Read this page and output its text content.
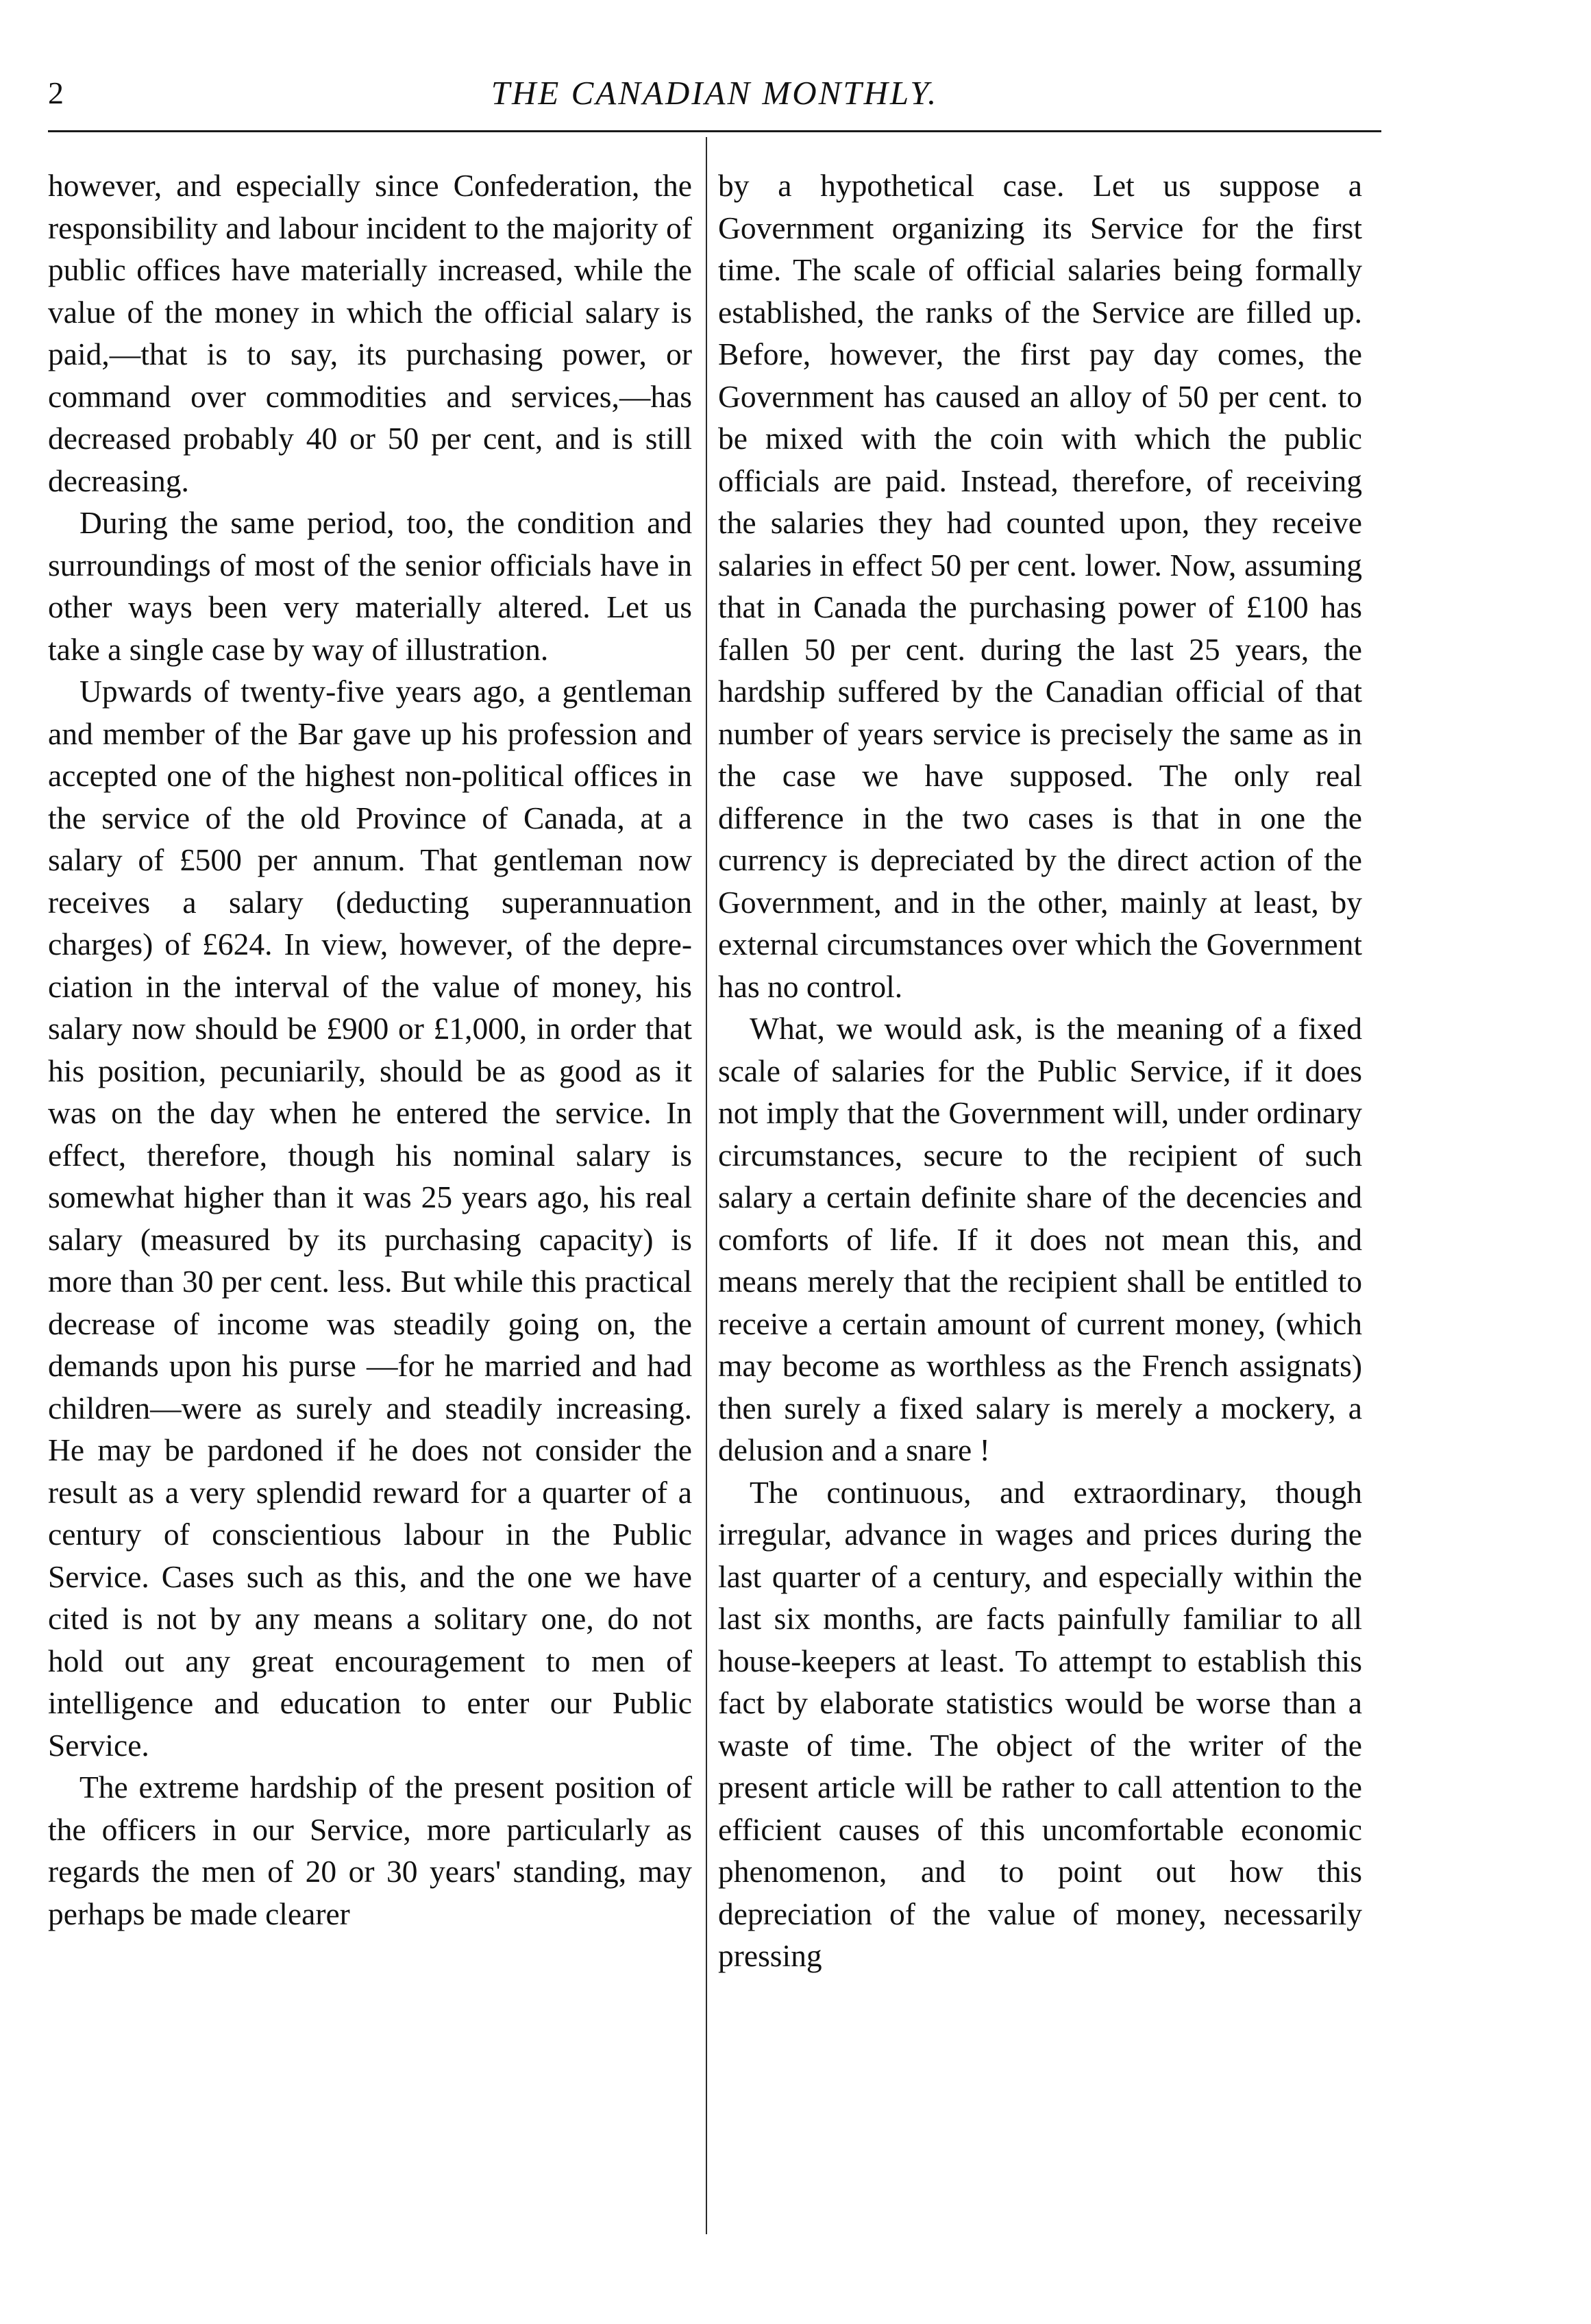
2	THE CANADIAN MONTHLY.

however, and especially since Confederation, the responsibility and labour incident to the majority of public offices have materially increased, while the value of the money in which the official salary is paid,—that is to say, its purchasing power, or command over commodities and services,—has decreased probably 40 or 50 per cent, and is still decreasing.

During the same period, too, the condition and surroundings of most of the senior officials have in other ways been very materially altered. Let us take a single case by way of illustration.

Upwards of twenty-five years ago, a gentleman and member of the Bar gave up his profession and accepted one of the highest non-political offices in the service of the old Province of Canada, at a salary of £500 per annum. That gentleman now receives a salary (deducting superannuation charges) of £624. In view, however, of the depreciation in the interval of the value of money, his salary now should be £900 or £1,000, in order that his position, pecuniarily, should be as good as it was on the day when he entered the service. In effect, therefore, though his nominal salary is somewhat higher than it was 25 years ago, his real salary (measured by its purchasing capacity) is more than 30 per cent. less. But while this practical decrease of income was steadily going on, the demands upon his purse —for he married and had children—were as surely and steadily increasing. He may be pardoned if he does not consider the result as a very splendid reward for a quarter of a century of conscientious labour in the Public Service. Cases such as this, and the one we have cited is not by any means a solitary one, do not hold out any great encouragement to men of intelligence and education to enter our Public Service.

The extreme hardship of the present position of the officers in our Service, more particularly as regards the men of 20 or 30 years' standing, may perhaps be made clearer

by a hypothetical case. Let us suppose a Government organizing its Service for the first time. The scale of official salaries being formally established, the ranks of the Service are filled up. Before, however, the first pay day comes, the Government has caused an alloy of 50 per cent. to be mixed with the coin with which the public officials are paid. Instead, therefore, of receiving the salaries they had counted upon, they receive salaries in effect 50 per cent. lower. Now, assuming that in Canada the purchasing power of £100 has fallen 50 per cent. during the last 25 years, the hardship suffered by the Canadian official of that number of years service is precisely the same as in the case we have supposed. The only real difference in the two cases is that in one the currency is depreciated by the direct action of the Government, and in the other, mainly at least, by external circumstances over which the Government has no control.

What, we would ask, is the meaning of a fixed scale of salaries for the Public Service, if it does not imply that the Government will, under ordinary circumstances, secure to the recipient of such salary a certain definite share of the decencies and comforts of life. If it does not mean this, and means merely that the recipient shall be entitled to receive a certain amount of current money, (which may become as worthless as the French assignats) then surely a fixed salary is merely a mockery, a delusion and a snare !

The continuous, and extraordinary, though irregular, advance in wages and prices during the last quarter of a century, and especially within the last six months, are facts painfully familiar to all house-keepers at least. To attempt to establish this fact by elaborate statistics would be worse than a waste of time. The object of the writer of the present article will be rather to call attention to the efficient causes of this uncomfortable economic phenomenon, and to point out how this depreciation of the value of money, necessarily pressing
